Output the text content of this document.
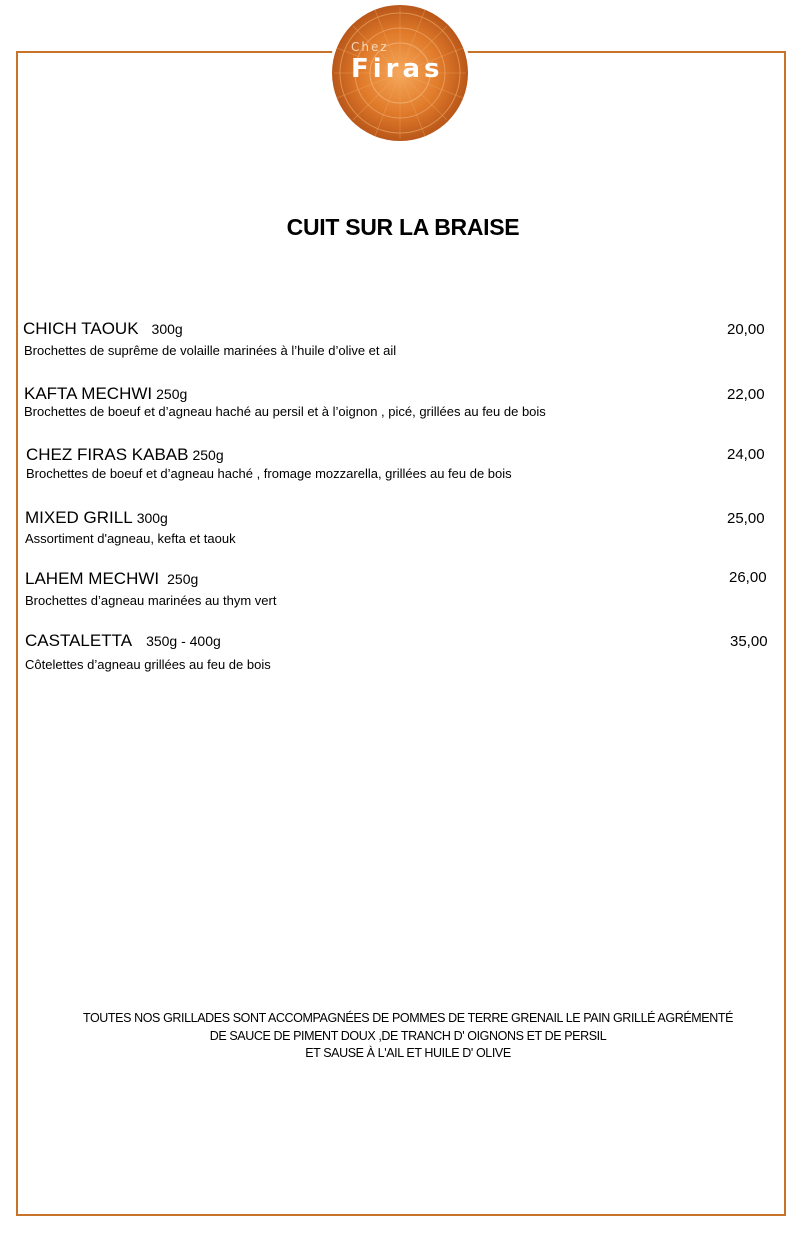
Chez
Firas
CUIT SUR LA BRAISE
CHICH TAOUK 300g
Brochettes de suprême de volaille marinées à l’huile d’olive et ail
20,00
KAFTA MECHWI 250g
Brochettes de boeuf et d’agneau haché au persil et à l’oignon , picé, grillées au feu de bois
22,00
CHEZ FIRAS KABAB 250g
Brochettes de boeuf et d’agneau haché , fromage mozzarella, grillées au feu de bois
24,00
MIXED GRILL 300g
Assortiment d'agneau, kefta et taouk
25,00
LAHEM MECHWI 250g
Brochettes d’agneau marinées au thym vert
26,00
CASTALETTA 350g - 400g
Côtelettes d’agneau grillées au feu de bois
35,00
TOUTES NOS GRILLADES SONT ACCOMPAGNÉES DE POMMES DE TERRE GRENAIL LE PAIN GRILLÉ AGRÉMENTÉ
DE SAUCE DE PIMENT DOUX ,DE TRANCH D' OIGNONS ET DE PERSIL
ET SAUSE À L'AIL ET HUILE D' OLIVE
